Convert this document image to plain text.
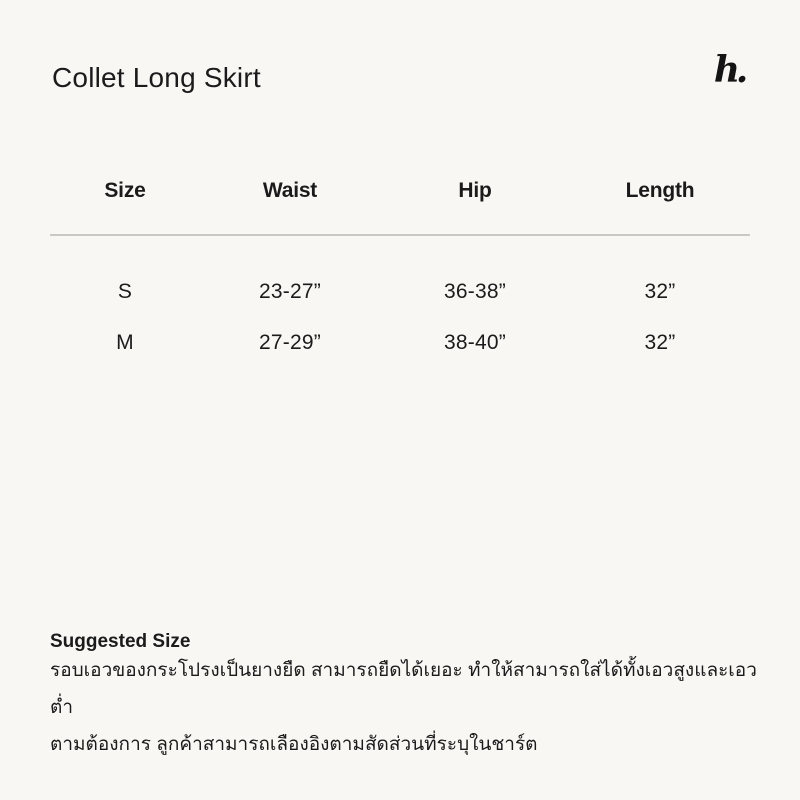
Collet Long Skirt	h.
Size	Waist	Hip	Length
S	23-27”	36-38”	32”
M	27-29”	38-40”	32”
Suggested Size

รอบเอวของกระโปรงเป็นยางยืด สามารถยืดได้เยอะ ทำให้สามารถใส่ได้ทั้งเอวสูงและเอวต่ำ

ตามต้องการ ลูกค้าสามารถเลืองอิงตามสัดส่วนที่ระบุในชาร์ต
